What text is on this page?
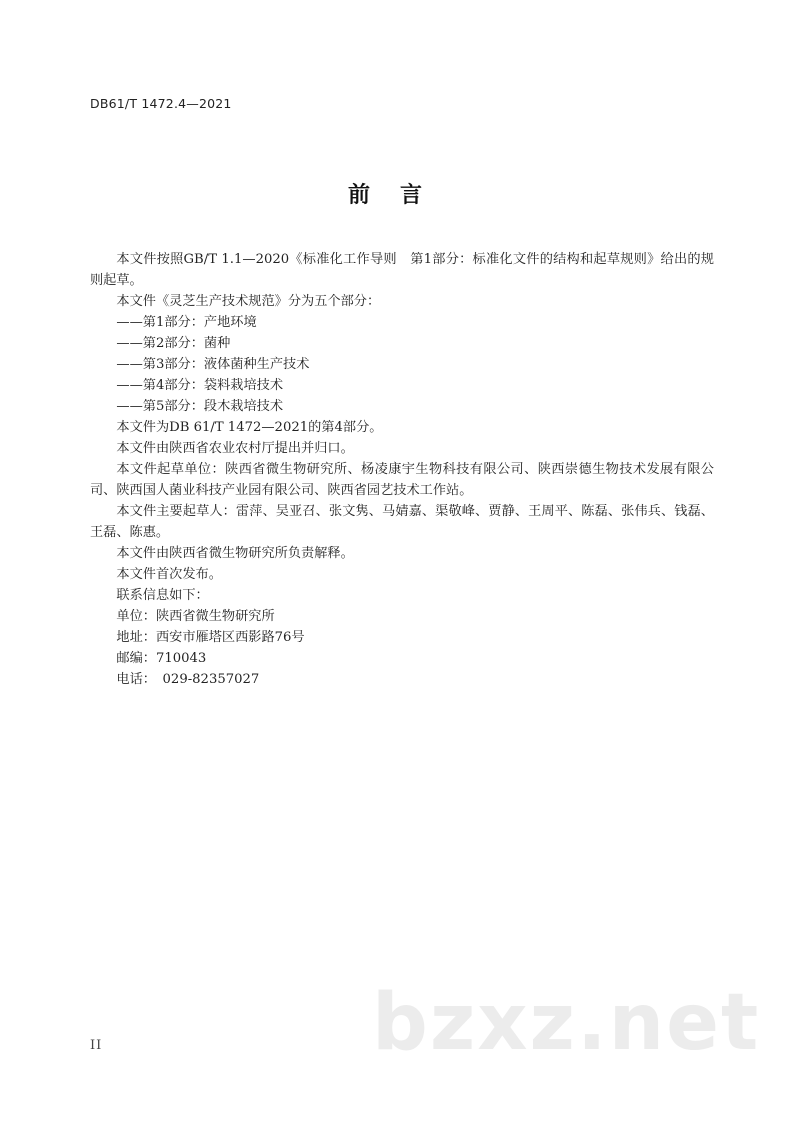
DB61/T 1472.4—2021
前言

本文件按照GB/T 1.1—2020《标准化工作导则　第1部分：标准化文件的结构和起草规则》给出的规则起草。

本文件《灵芝生产技术规范》分为五个部分：

——第1部分：产地环境

——第2部分：菌种

——第3部分：液体菌种生产技术

——第4部分：袋料栽培技术

——第5部分：段木栽培技术

本文件为DB 61/T 1472—2021的第4部分。

本文件由陕西省农业农村厅提出并归口。

本文件起草单位：陕西省微生物研究所、杨凌康宇生物科技有限公司、陕西崇德生物技术发展有限公司、陕西国人菌业科技产业园有限公司、陕西省园艺技术工作站。

本文件主要起草人：雷萍、吴亚召、张文隽、马婧嘉、渠敬峰、贾静、王周平、陈磊、张伟兵、钱磊、王磊、陈惠。

本文件由陕西省微生物研究所负责解释。

本文件首次发布。

联系信息如下：

单位：陕西省微生物研究所

地址：西安市雁塔区西影路76号

邮编：710043

电话：　029-82357027

bzxz.net
II
